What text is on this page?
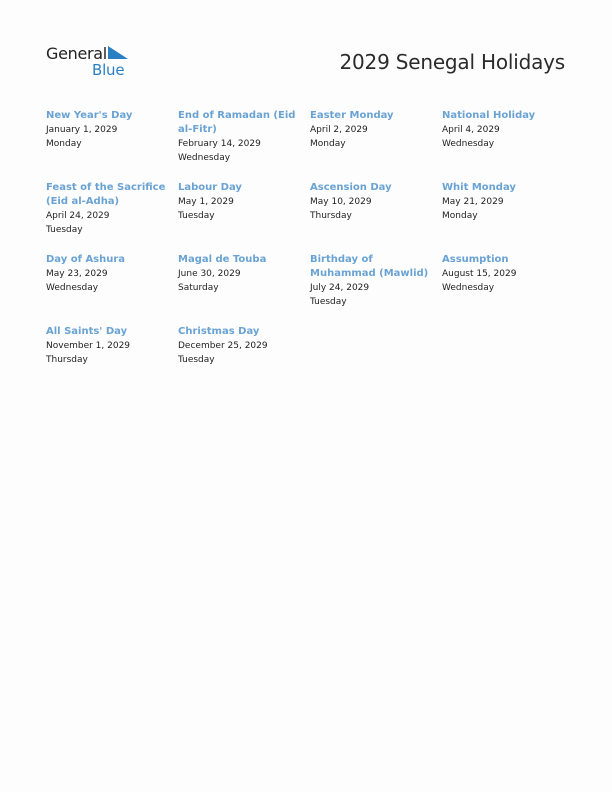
General
Blue	2029 Senegal Holidays
New Year's Day
January 1, 2029
Monday
End of Ramadan (Eid al-Fitr)
February 14, 2029
Wednesday
Easter Monday
April 2, 2029
Monday
National Holiday
April 4, 2029
Wednesday
Feast of the Sacrifice (Eid al-Adha)
April 24, 2029
Tuesday
Labour Day
May 1, 2029
Tuesday
Ascension Day
May 10, 2029
Thursday
Whit Monday
May 21, 2029
Monday
Day of Ashura
May 23, 2029
Wednesday
Magal de Touba
June 30, 2029
Saturday
Birthday of Muhammad (Mawlid)
July 24, 2029
Tuesday
Assumption
August 15, 2029
Wednesday
All Saints' Day
November 1, 2029
Thursday
Christmas Day
December 25, 2029
Tuesday
